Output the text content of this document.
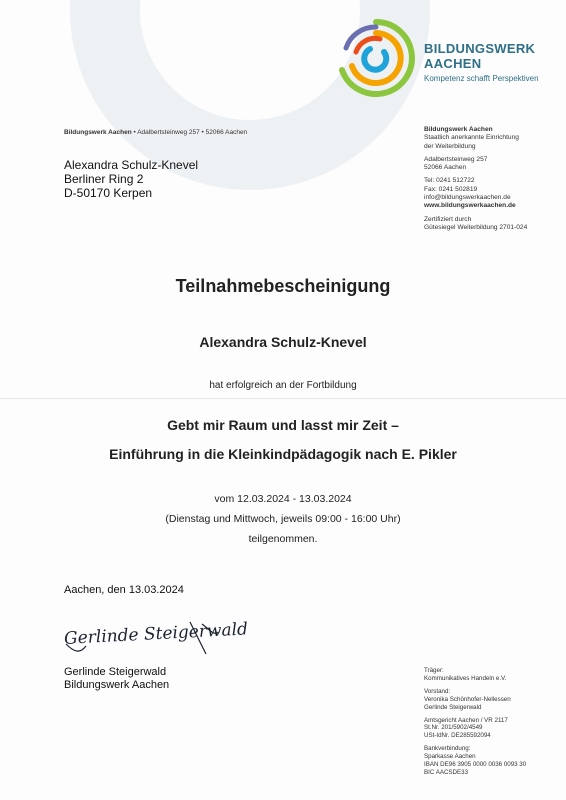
BILDUNGSWERK
AACHEN
Kompetenz schafft Perspektiven
Bildungswerk Aachen • Adalbertsteinweg 257 • 52066 Aachen
Alexandra Schulz-Knevel
Berliner Ring 2
D-50170 Kerpen
Bildungswerk Aachen
Staatlich anerkannte Einrichtung
der Weiterbildung
Adalbertsteinweg 257
52066 Aachen
Tel: 0241 512722
Fax: 0241 502819
info@bildungswerkaachen.de
www.bildungswerkaachen.de
Zertifiziert durch
Gütesiegel Weiterbildung 2701-024
Teilnahmebescheinigung
Alexandra Schulz-Knevel
hat erfolgreich an der Fortbildung
Gebt mir Raum und lasst mir Zeit –
Einführung in die Kleinkindpädagogik nach E. Pikler
vom 12.03.2024 - 13.03.2024
(Dienstag und Mittwoch, jeweils 09:00 - 16:00 Uhr)
teilgenommen.
Aachen, den 13.03.2024
Gerlinde Steigerwald
Gerlinde Steigerwald
Bildungswerk Aachen
Träger:
Kommunikatives Handeln e.V.
Vorstand:
Veronika Schönhofer-Nellessen
Gerlinde Steigerwald
Amtsgericht Aachen / VR 2117
St.Nr. 201/5902/4549
USt-IdNr. DE285592094
Bankverbindung:
Sparkasse Aachen
IBAN DE96 3905 0000 0036 0093 30
BIC AACSDE33
